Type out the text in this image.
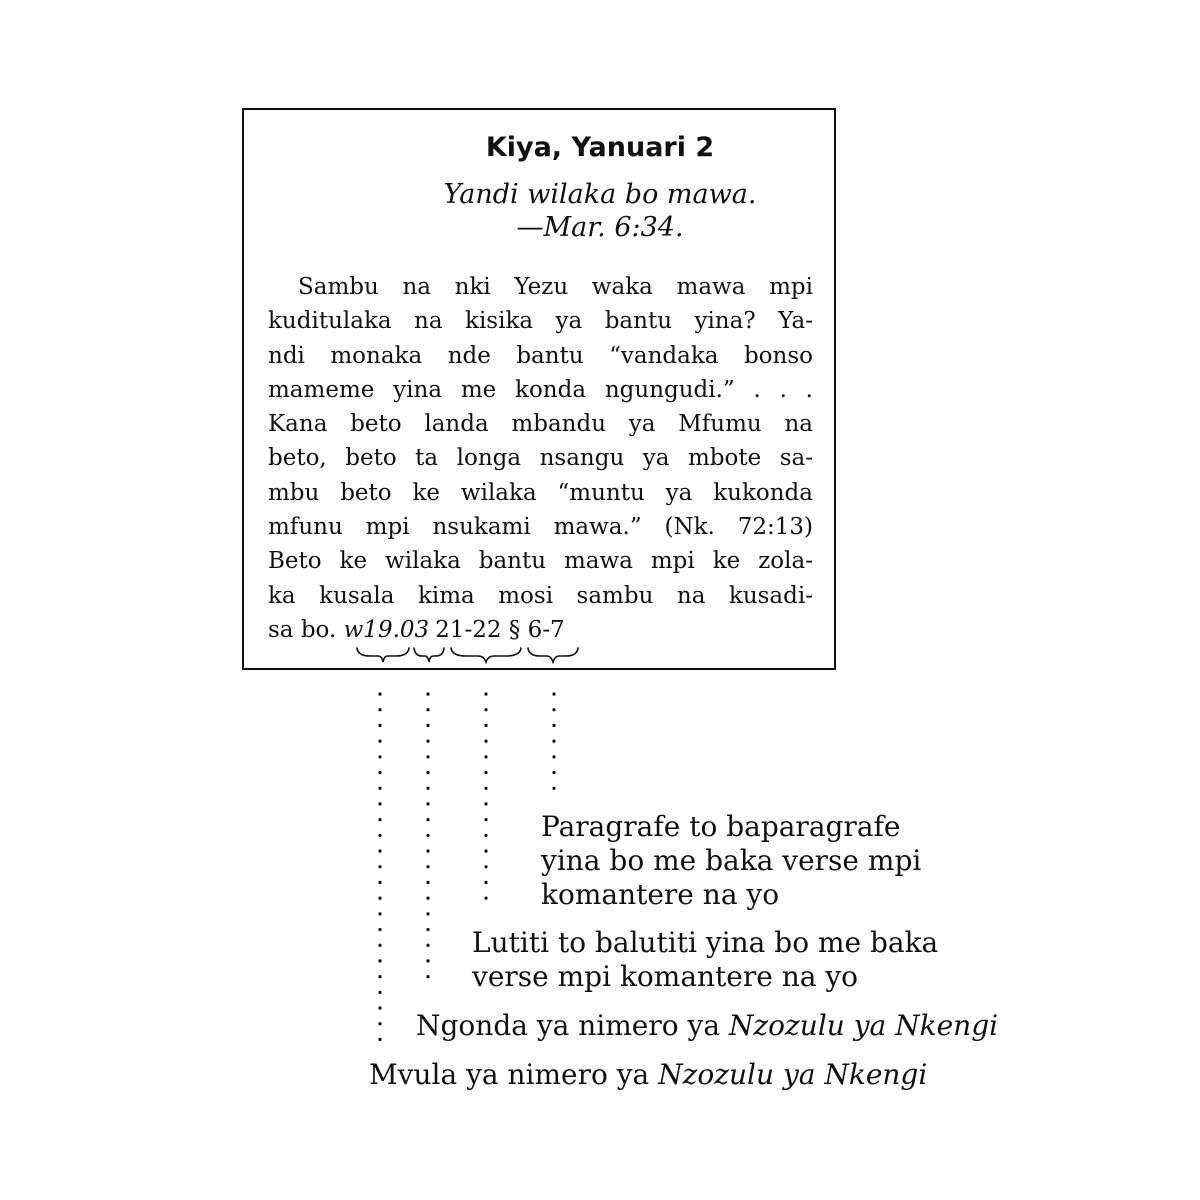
Kiya, Yanuari 2
Yandi wilaka bo mawa.
—Mar. 6:34.
Sambu na nki Yezu waka mawa mpi
kuditulaka na kisika ya bantu yina? Ya-
ndi monaka nde bantu “vandaka bonso
mameme yina me konda ngungudi.” . . .
Kana beto landa mbandu ya Mfumu na
beto, beto ta longa nsangu ya mbote sa-
mbu beto ke wilaka “muntu ya kukonda
mfunu mpi nsukami mawa.” (Nk. 72:13)
Beto ke wilaka bantu mawa mpi ke zola-
ka kusala kima mosi sambu na kusadi-
sa bo. w19.03 21-22 § 6-7
Paragrafe to baparagrafe
yina bo me baka verse mpi
komantere na yo
Lutiti to balutiti yina bo me baka
verse mpi komantere na yo
Ngonda ya nimero ya Nzozulu ya Nkengi
Mvula ya nimero ya Nzozulu ya Nkengi
